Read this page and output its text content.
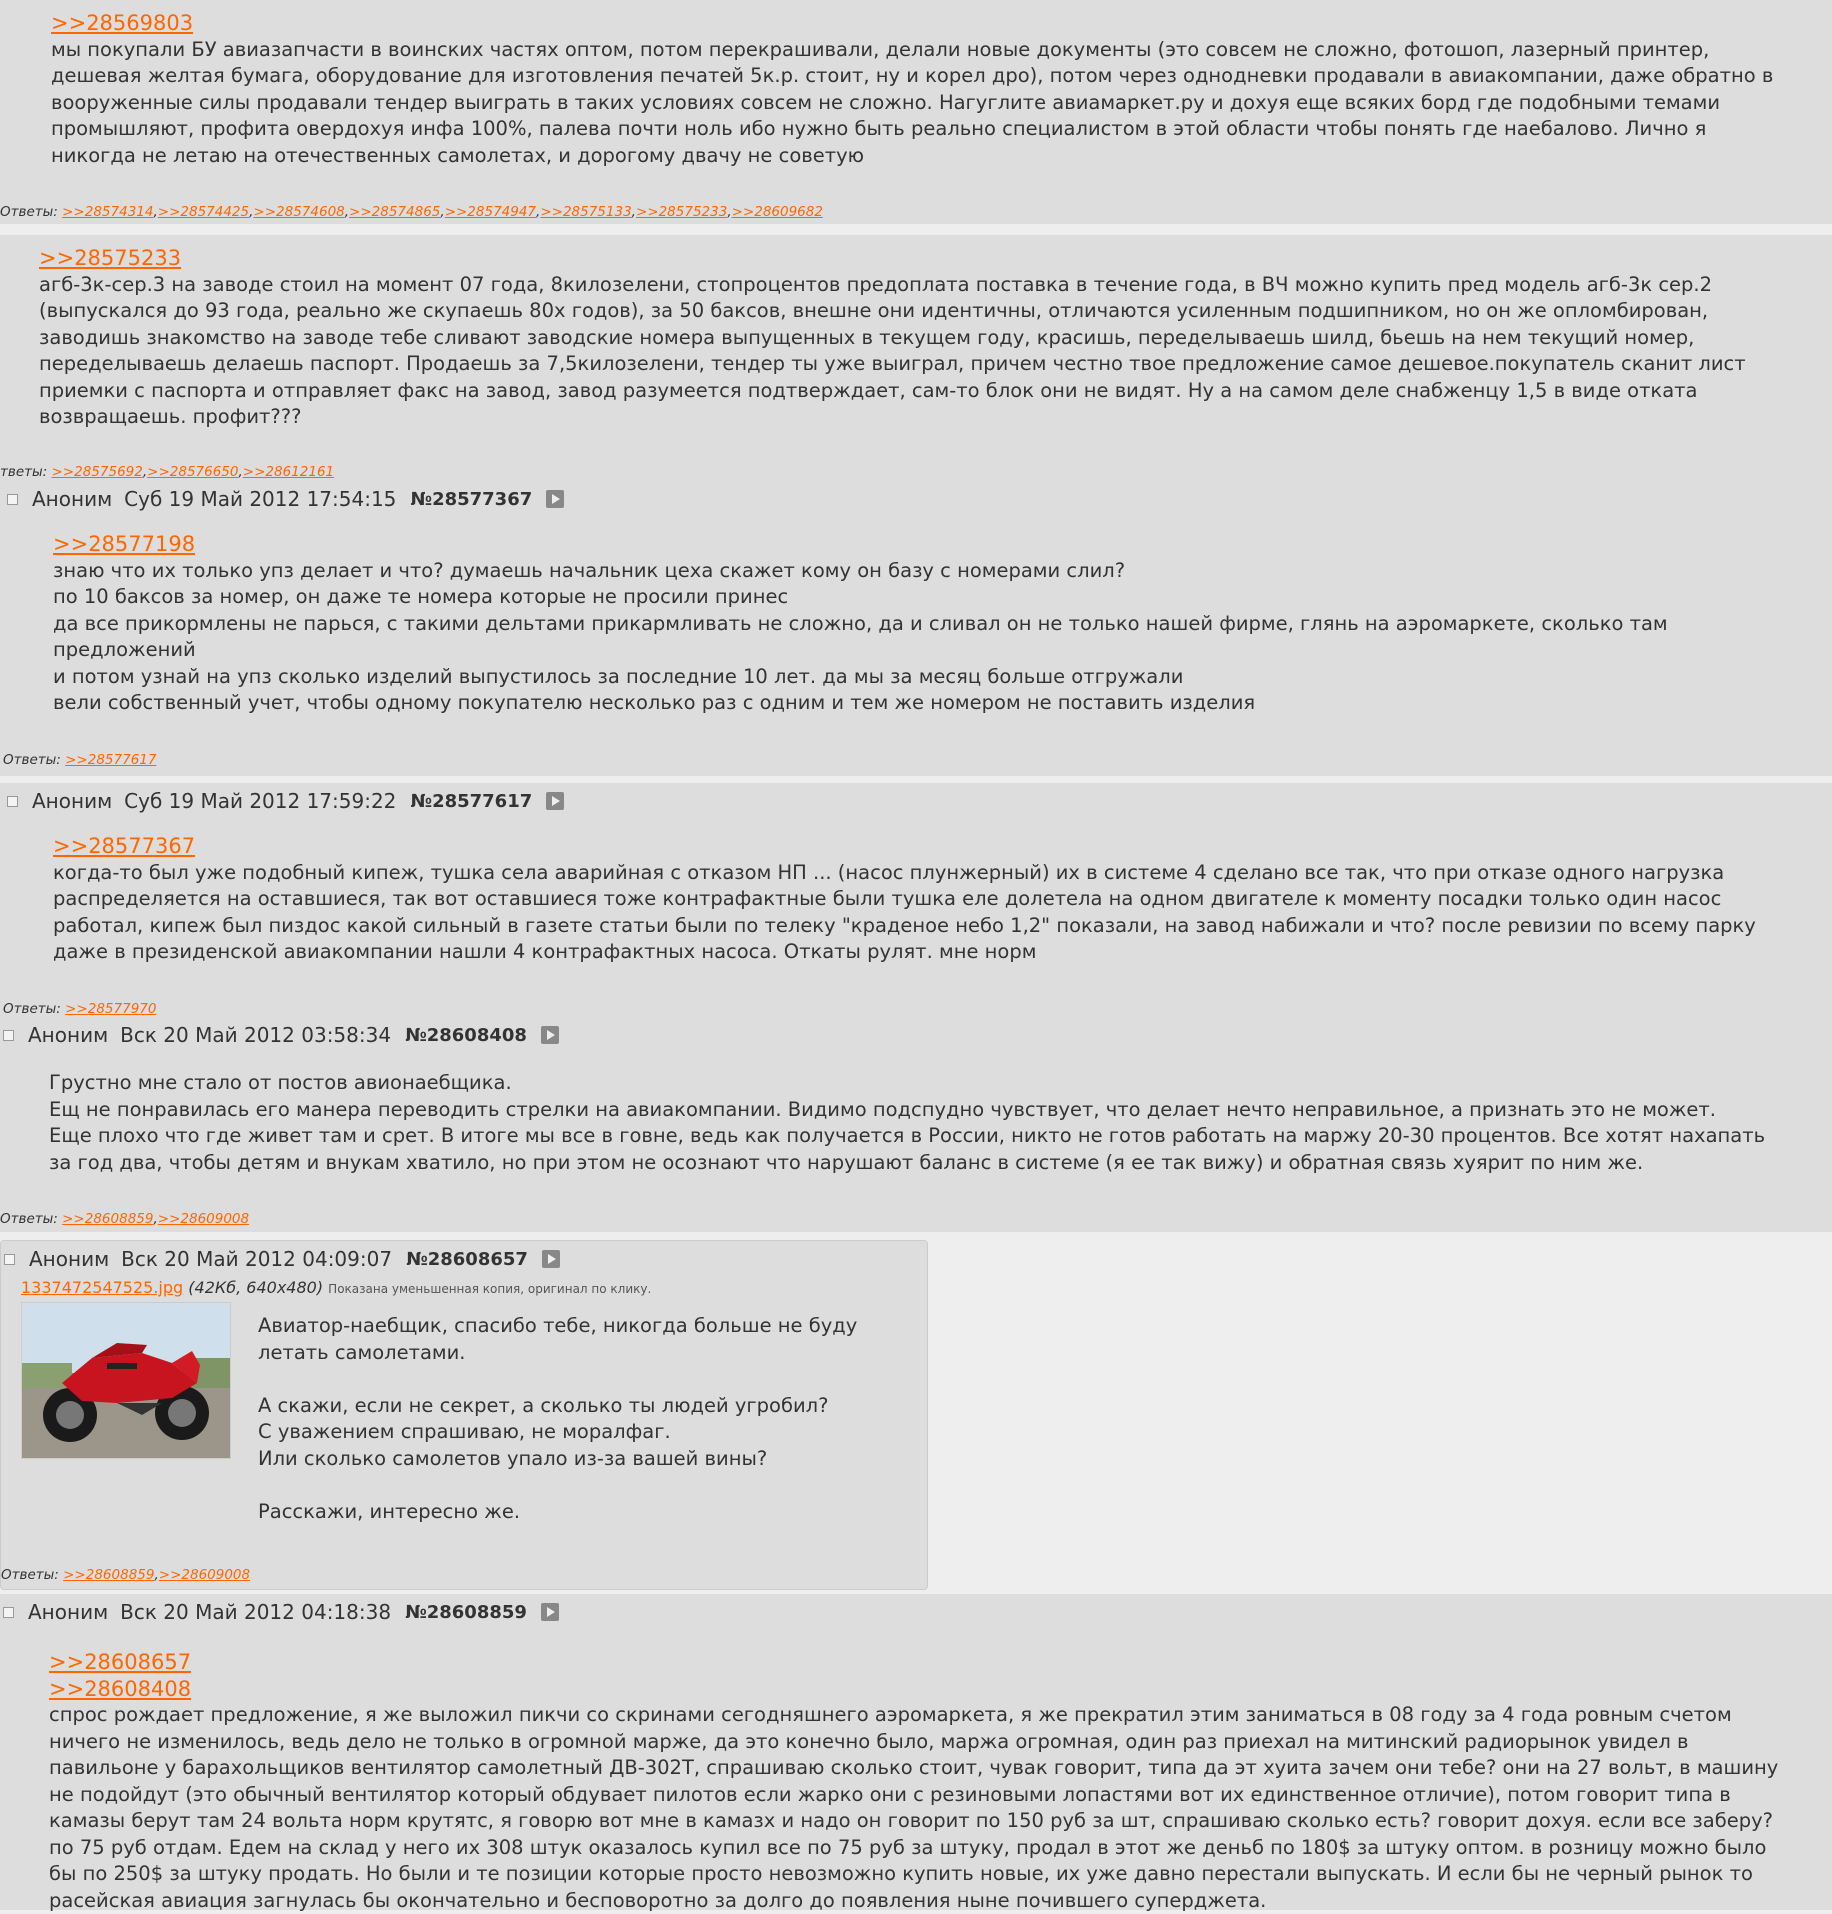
>>28569803

мы покупали БУ авиазапчасти в воинских частях оптом, потом перекрашивали, делали новые документы (это совсем не сложно, фотошоп, лазерный принтер,
дешевая желтая бумага, оборудование для изготовления печатей 5к.р. стоит, ну и корел дро), потом через однодневки продавали в авиакомпании, даже обратно в
вооруженные силы продавали тендер выиграть в таких условиях совсем не сложно. Нагуглите авиамаркет.ру и дохуя еще всяких борд где подобными темами
промышляют, профита овердохуя инфа 100%, палева почти ноль ибо нужно быть реально специалистом в этой области чтобы понять где наебалово. Лично я
никогда не летаю на отечественных самолетах, и дорогому двачу не советую

Ответы: >>28574314,>>28574425,>>28574608,>>28574865,>>28574947,>>28575133,>>28575233,>>28609682
>>28575233

агб-3к-сер.3 на заводе стоил на момент 07 года, 8килозелени, стопроцентов предоплата поставка в течение года, в ВЧ можно купить пред модель агб-3к сер.2
(выпускался до 93 года, реально же скупаешь 80х годов), за 50 баксов, внешне они идентичны, отличаются усиленным подшипником, но он же опломбирован,
заводишь знакомство на заводе тебе сливают заводские номера выпущенных в текущем году, красишь, переделываешь шилд, бьешь на нем текущий номер,
переделываешь делаешь паспорт. Продаешь за 7,5килозелени, тендер ты уже выиграл, причем честно твое предложение самое дешевое.покупатель сканит лист
приемки с паспорта и отправляет факс на завод, завод разумеется подтверждает, сам-то блок они не видят. Ну а на самом деле снабженцу 1,5 в виде отката
возвращаешь. профит???

тветы: >>28575692,>>28576650,>>28612161
Аноним Суб 19 Май 2012 17:54:15 №28577367
>>28577198

знаю что их только упз делает и что? думаешь начальник цеха скажет кому он базу с номерами слил?
по 10 баксов за номер, он даже те номера которые не просили принес
да все прикормлены не парься, с такими дельтами прикармливать не сложно, да и сливал он не только нашей фирме, глянь на аэромаркете, сколько там
предложений
и потом узнай на упз сколько изделий выпустилось за последние 10 лет. да мы за месяц больше отгружали
вели собственный учет, чтобы одному покупателю несколько раз с одним и тем же номером не поставить изделия

Ответы: >>28577617
Аноним Суб 19 Май 2012 17:59:22 №28577617
>>28577367

когда-то был уже подобный кипеж, тушка села аварийная с отказом НП ... (насос плунжерный) их в системе 4 сделано все так, что при отказе одного нагрузка
распределяется на оставшиеся, так вот оставшиеся тоже контрафактные были тушка еле долетела на одном двигателе к моменту посадки только один насос
работал, кипеж был пиздос какой сильный в газете статьи были по телеку "краденое небо 1,2" показали, на завод набижали и что? после ревизии по всему парку
даже в президенской авиакомпании нашли 4 контрафактных насоса. Откаты рулят. мне норм

Ответы: >>28577970
Аноним Вск 20 Май 2012 03:58:34 №28608408

Грустно мне стало от постов авионаебщика.
Ещ не понравилась его манера переводить стрелки на авиакомпании. Видимо подспудно чувствует, что делает нечто неправильное, а признать это не может.
Еще плохо что где живет там и срет. В итоге мы все в говне, ведь как получается в России, никто не готов работать на маржу 20-30 процентов. Все хотят нахапать
за год два, чтобы детям и внукам хватило, но при этом не осознают что нарушают баланс в системе (я ее так вижу) и обратная связь хуярит по ним же.

Ответы: >>28608859,>>28609008
Аноним Вск 20 Май 2012 04:09:07 №28608657
1337472547525.jpg (42Кб, 640x480) Показана уменьшенная копия, оригинал по клику.

Авиатор-наебщик, спасибо тебе, никогда больше не буду
летать самолетами.

А скажи, если не секрет, а сколько ты людей угробил?
С уважением спрашиваю, не моралфаг.
Или сколько самолетов упало из-за вашей вины?

Расскажи, интересно же.

Ответы: >>28608859,>>28609008
Аноним Вск 20 Май 2012 04:18:38 №28608859
>>28608657
>>28608408

спрос рождает предложение, я же выложил пикчи со скринами сегодняшнего аэромаркета, я же прекратил этим заниматься в 08 году за 4 года ровным счетом
ничего не изменилось, ведь дело не только в огромной марже, да это конечно было, маржа огромная, один раз приехал на митинский радиорынок увидел в
павильоне у барахольщиков вентилятор самолетный ДВ-302Т, спрашиваю сколько стоит, чувак говорит, типа да эт хуита зачем они тебе? они на 27 вольт, в машину
не подойдут (это обычный вентилятор который обдувает пилотов если жарко они с резиновыми лопастями вот их единственное отличие), потом говорит типа в
камазы берут там 24 вольта норм крутятс, я говорю вот мне в камазх и надо он говорит по 150 руб за шт, спрашиваю сколько есть? говорит дохуя. если все заберу?
по 75 руб отдам. Едем на склад у него их 308 штук оказалось купил все по 75 руб за штуку, продал в этот же деньб по 180$ за штуку оптом. в розницу можно было
бы по 250$ за штуку продать. Но были и те позиции которые просто невозможно купить новые, их уже давно перестали выпускать. И если бы не черный рынок то
расейская авиация загнулась бы окончательно и бесповоротно за долго до появления ныне почившего суперджета.
